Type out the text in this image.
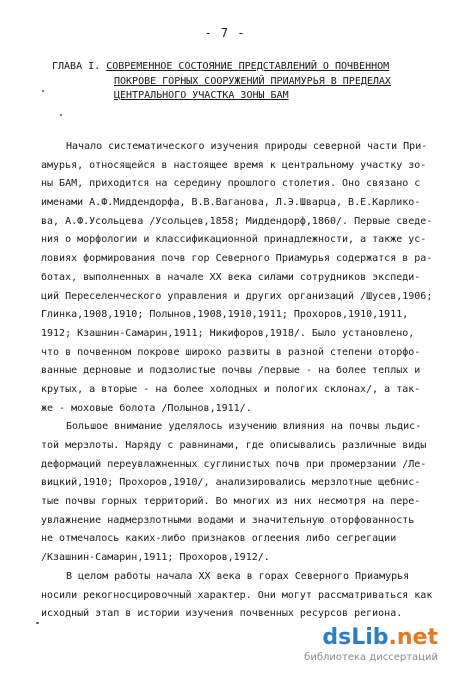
- 7 -
ГЛАВА I. СОВРЕМЕННОЕ СОСТОЯНИЕ ПРЕДСТАВЛЕНИЙ О ПОЧВЕННОМ
ПОКРОВЕ ГОРНЫХ СООРУЖЕНИЙ ПРИАМУРЬЯ В ПРЕДЕЛАХ
ЦЕНТРАЛЬНОГО УЧАСТКА ЗОНЫ БАМ
Начало систематического изучения природы северной части При-
амурья, относящейся в настоящее время к центральному участку зо-
ны БАМ, приходится на середину прошлого столетия. Оно связано с
именами А.Ф.Миддендорфа, В.В.Ваганова, Л.Э.Шварца, В.Е.Карлико-
ва, А.Ф.Усольцева /Усольцев,1858; Миддендорф,1860/. Первые сведе-
ния о морфологии и классификационной принадлежности, а также ус-
ловиях формирования почв гор Северного Приамурья содержатся в ра-
ботах, выполненных в начале XX века силами сотрудников экспеди-
ций Переселенческого управления и других организаций /Шусев,1906;
Глинка,1908,1910; Полынов,1908,1910,1911; Прохоров,1910,1911,
1912; Кзашнин-Самарин,1911; Никифоров,1918/. Было установлено,
что в почвенном покрове широко развиты в разной степени оторфо-
ванные дерновые и подзолистые почвы /первые - на более теплых и
крутых, а вторые - на более холодных и пологих склонах/, а так-
же - моховые болота /Полынов,1911/.
Большое внимание уделялось изучению влияния на почвы льдис-
той мерзлоты. Наряду с равнинами, где описывались различные виды
деформаций переувлажненных суглинистых почв при промерзании /Ле-
вицкий,1910; Прохоров,1910/, анализировались мерзлотные щебнис-
тые почвы горных территорий. Во многих из них несмотря на пере-
увлажнение надмерзлотными водами и значительную оторфованность
не отмечалось каких-либо признаков оглеения либо сегрегации
/Кзашнин-Самарин,1911; Прохоров,1912/.
В целом работы начала XX века в горах Северного Приамурья
носили рекогносцировочный характер. Они могут рассматриваться как
исходный этап в истории изучения почвенных ресурсов региона.
dsLib.net
библиотека диссертаций
